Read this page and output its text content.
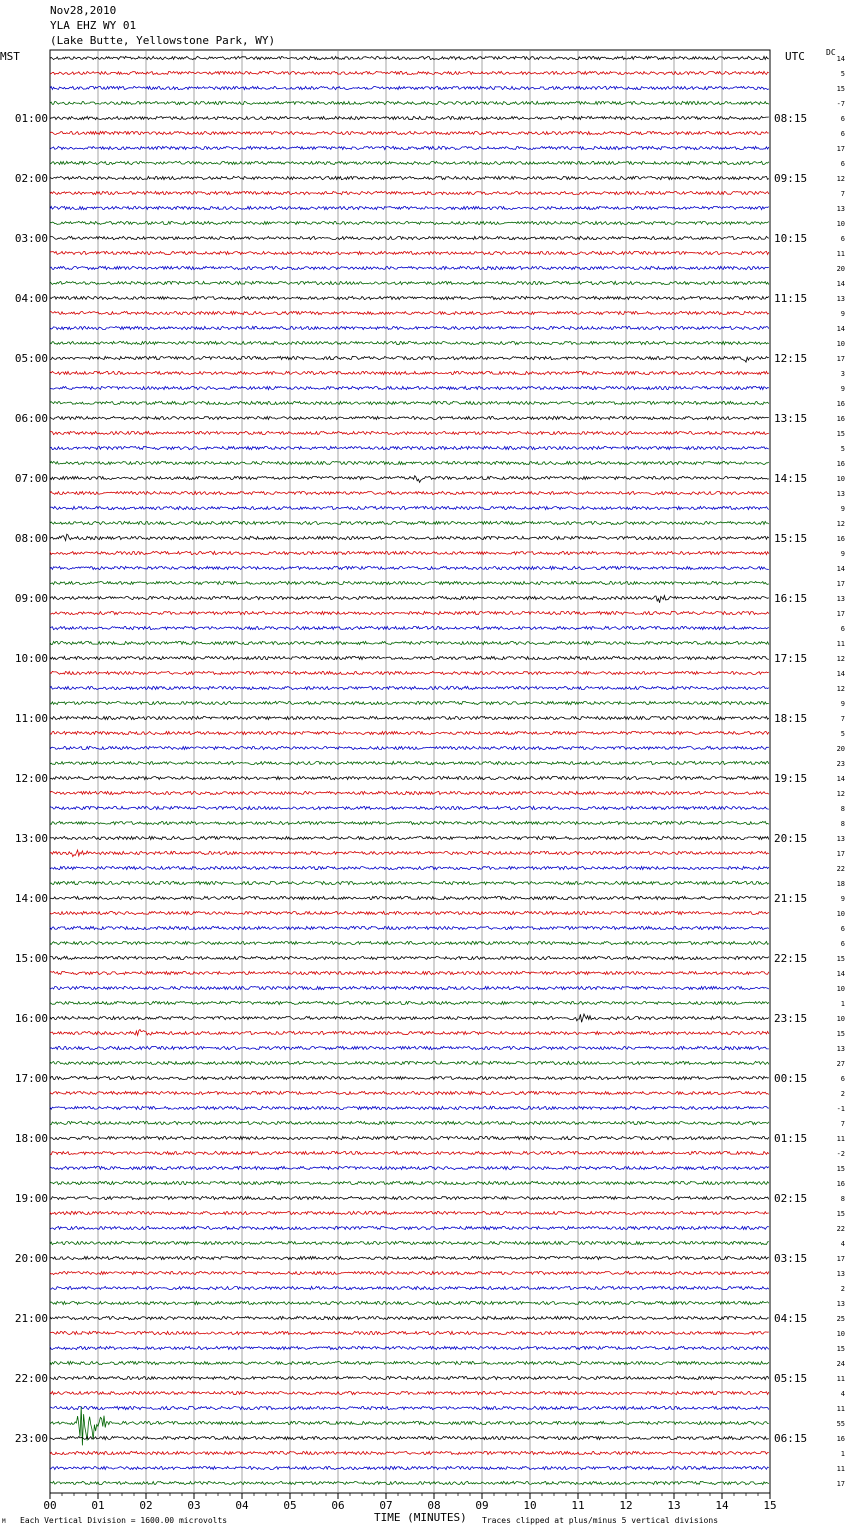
Nov28,2010
YLA EHZ WY 01
(Lake Butte, Yellowstone Park, WY)
MST	UTC	DC
14
5
15
-7
6
6
17
6
12
7
13
10
6
11
20
14
13
9
14
10
17
3
9
16
16
15
5
16
10
13
9
12
16
9
14
17
13
17
6
11
12
14
12
9
7
5
20
23
14
12
8
8
13
17
22
18
9
10
6
6
15
14
10
1
10
15
13
27
6
2
-1
7
11
-2
15
16
8
15
22
4
17
13
2
13
25
10
15
24
11
4
11
55
16
1
11
17
01:00	08:15
02:00	09:15
03:00	10:15
04:00	11:15
05:00	12:15
06:00	13:15
07:00	14:15
08:00	15:15
09:00	16:15
10:00	17:15
11:00	18:15
12:00	19:15
13:00	20:15
14:00	21:15
15:00	22:15
16:00	23:15
17:00	00:15
18:00	01:15
19:00	02:15
20:00	03:15
21:00	04:15
22:00	05:15
23:00	06:15
00	01	02	03	04	05	06	07	08	09	10	11	12	13	14	15
TIME (MINUTES)
Each Vertical Division = 1600.00 microvolts	Traces clipped at plus/minus 5 vertical divisions
M
